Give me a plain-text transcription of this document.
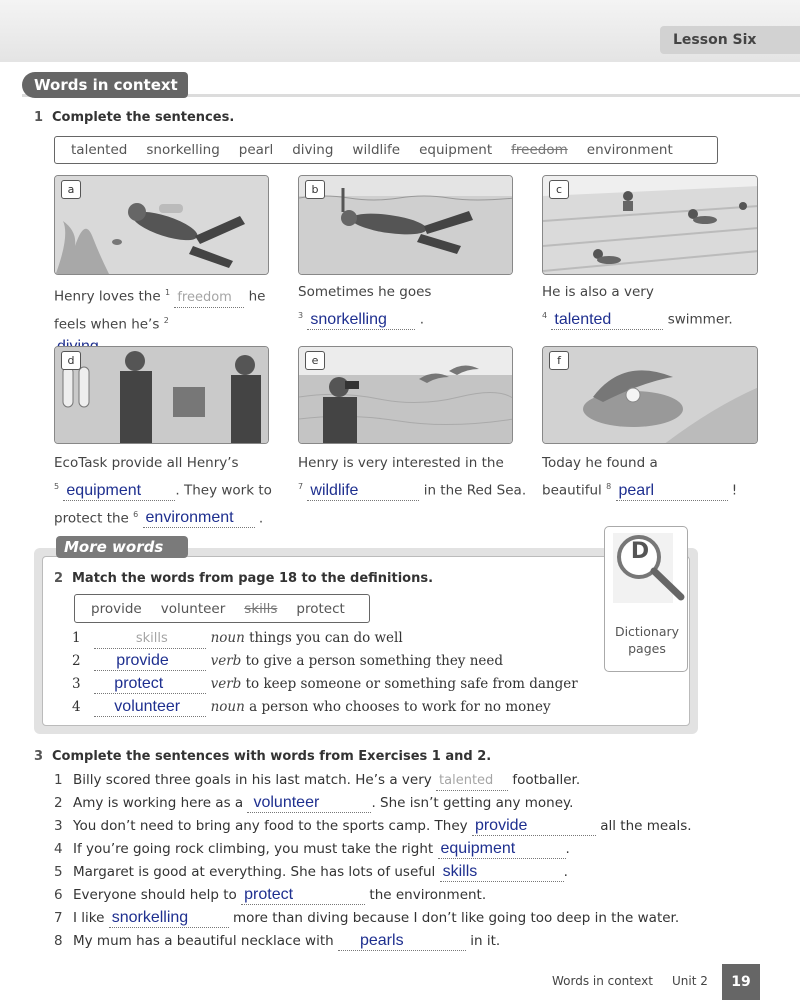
Lesson Six
Words in context
1 Complete the sentences.
talented snorkelling pearl diving wildlife equipment freedom environment
a	b	c
Henry loves the $^1$ freedom he
feels when he’s $^2$
Sometimes he goes
$^3$ snorkelling .
He is also a very
$^4$ talented	swimmer.
d	e	f
EcoTask provide all Henry’s
$^5$ equipment	. They work to
protect the $^6$ environment .
Henry is very interested in the
$^7$ wildlife	in the Red Sea.
Today he found a
beautiful $^8$ pearl	!
More words	D
Dictionary
pages
2 Match the words from page 18 to the definitions.
provide volunteer skills protect
1	skills	noun things you can do well
2 provide	verb to give a person something they need
3 protect	verb to keep someone or something safe from danger
4 volunteer noun a person who chooses to work for no money
3 Complete the sentences with words from Exercises 1 and 2.
1 Billy scored three goals in his last match. He’s a very talented footballer.
2 Amy is working here as a volunteer	. She isn’t getting any money.
3 You don’t need to bring any food to the sports camp. They provide	all the meals.
4 If you’re going rock climbing, you must take the right equipment	.
5 Margaret is good at everything. She has lots of useful skills	.
6 Everyone should help to protect	the environment.
7 I like snorkelling	more than diving because I don’t like going too deep in the water.
8 My mum has a beautiful necklace with pearls	in it.
Words in context Unit 2	19
